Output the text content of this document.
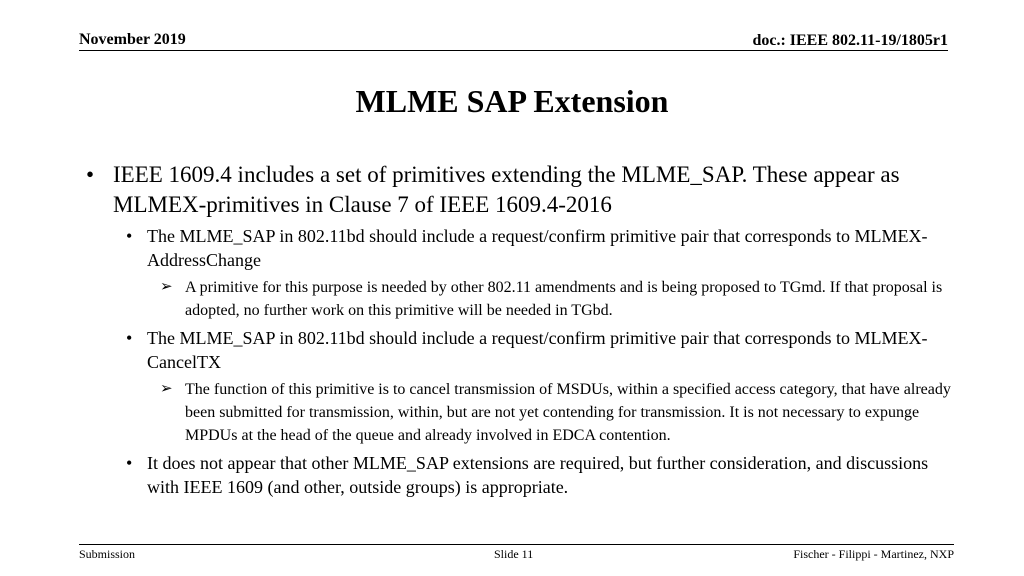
November 2019	doc.: IEEE 802.11-19/1805r1
MLME SAP Extension
• IEEE 1609.4 includes a set of primitives extending the MLME_SAP. These appear as MLMEX-primitives in Clause 7 of IEEE 1609.4-2016
• The MLME_SAP in 802.11bd should include a request/confirm primitive pair that corresponds to MLMEX-AddressChange
➢ A primitive for this purpose is needed by other 802.11 amendments and is being proposed to TGmd. If that proposal is adopted, no further work on this primitive will be needed in TGbd.
• The MLME_SAP in 802.11bd should include a request/confirm primitive pair that corresponds to MLMEX-CancelTX
➢ The function of this primitive is to cancel transmission of MSDUs, within a specified access category, that have already been submitted for transmission, within, but are not yet contending for transmission. It is not necessary to expunge MPDUs at the head of the queue and already involved in EDCA contention.
• It does not appear that other MLME_SAP extensions are required, but further consideration, and discussions with IEEE 1609 (and other, outside groups) is appropriate.
Submission	Slide 11	Fischer - Filippi - Martinez, NXP
